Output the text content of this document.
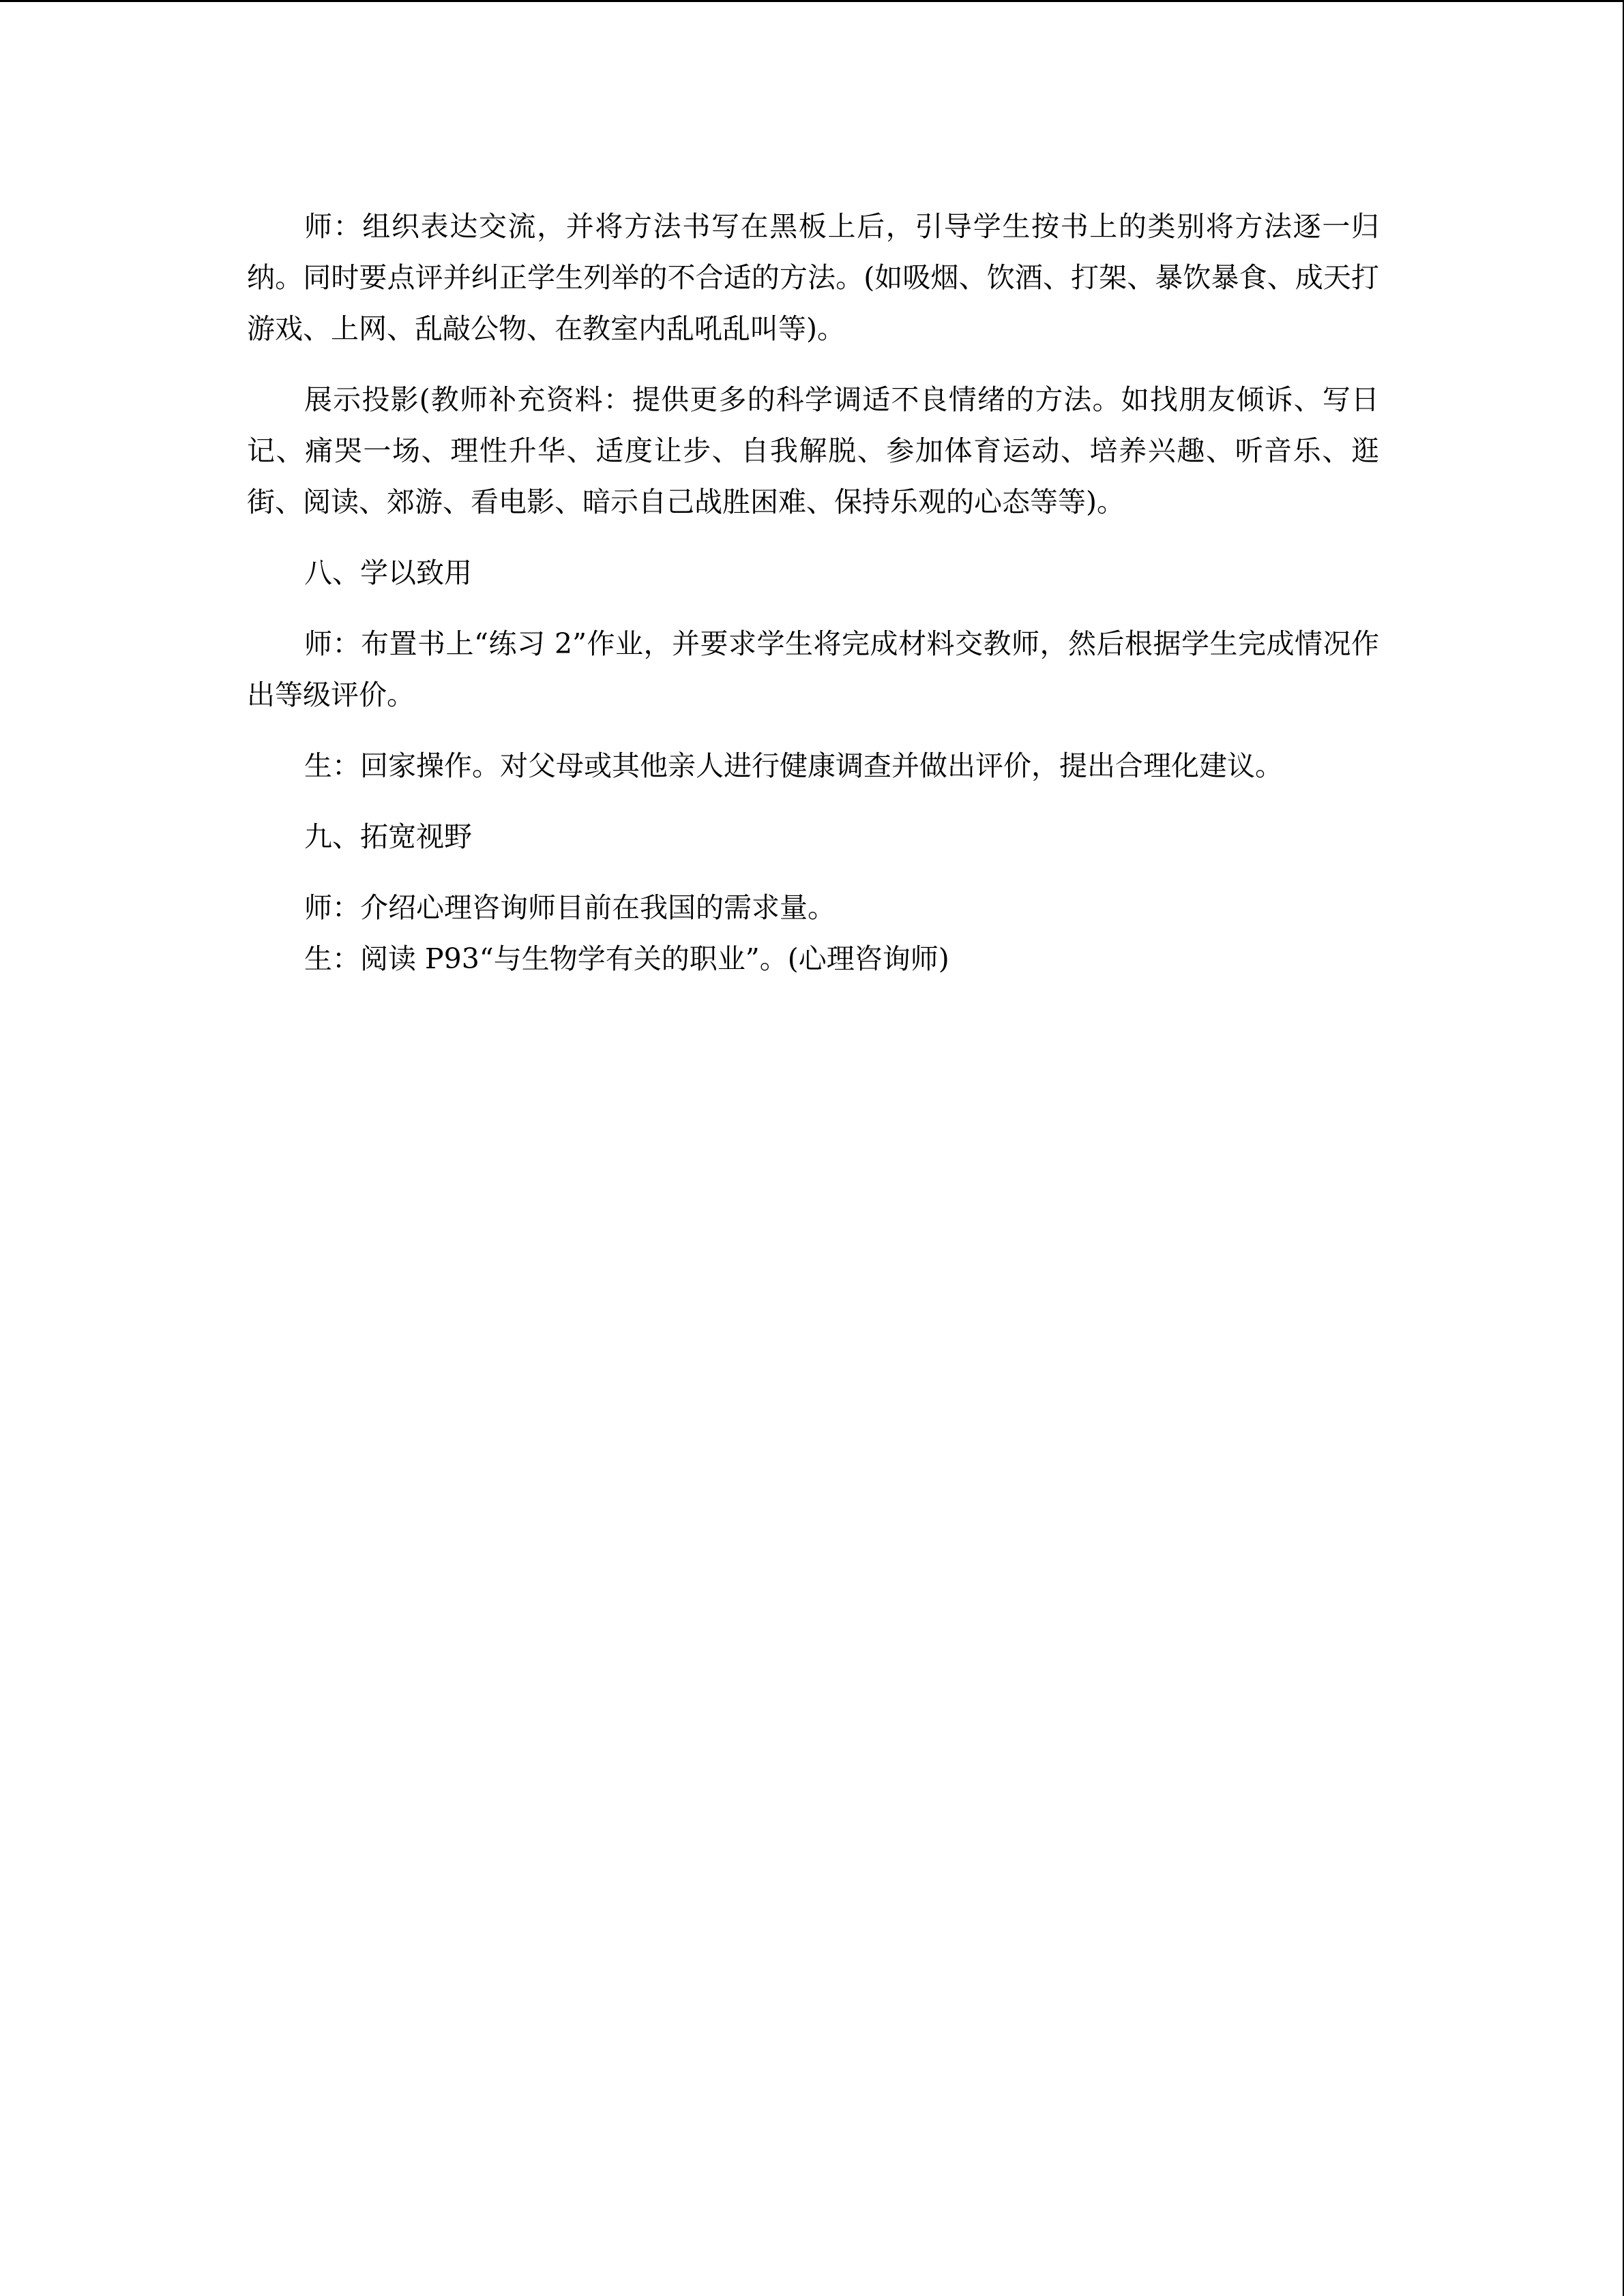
师：组织表达交流，并将方法书写在黑板上后，引导学生按书上的类别将方法逐一归纳。同时要点评并纠正学生列举的不合适的方法。(如吸烟、饮酒、打架、暴饮暴食、成天打游戏、上网、乱敲公物、在教室内乱吼乱叫等)。

展示投影(教师补充资料：提供更多的科学调适不良情绪的方法。如找朋友倾诉、写日记、痛哭一场、理性升华、适度让步、自我解脱、参加体育运动、培养兴趣、听音乐、逛街、阅读、郊游、看电影、暗示自己战胜困难、保持乐观的心态等等)。

八、学以致用

师：布置书上“练习 2”作业，并要求学生将完成材料交教师，然后根据学生完成情况作出等级评价。

生：回家操作。对父母或其他亲人进行健康调查并做出评价，提出合理化建议。

九、拓宽视野

师：介绍心理咨询师目前在我国的需求量。

生：阅读 P93“与生物学有关的职业”。(心理咨询师)
